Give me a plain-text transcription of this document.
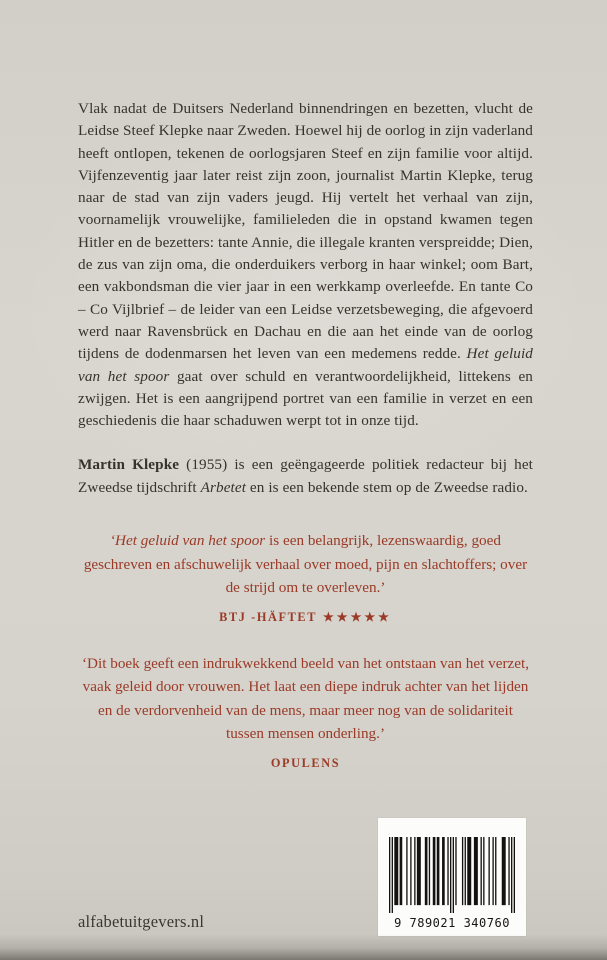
Vlak nadat de Duitsers Nederland binnendringen en bezetten, vlucht de Leidse Steef Klepke naar Zweden. Hoewel hij de oorlog in zijn vaderland heeft ontlopen, tekenen de oorlogsjaren Steef en zijn familie voor altijd. Vijfenzeventig jaar later reist zijn zoon, journalist Martin Klepke, terug naar de stad van zijn vaders jeugd. Hij vertelt het verhaal van zijn, voornamelijk vrouwelijke, familieleden die in opstand kwamen tegen Hitler en de bezetters: tante Annie, die illegale kranten verspreidde; Dien, de zus van zijn oma, die onderduikers verborg in haar winkel; oom Bart, een vakbondsman die vier jaar in een werkkamp overleefde. En tante Co – Co Vijlbrief – de leider van een Leidse verzetsbeweging, die afgevoerd werd naar Ravensbrück en Dachau en die aan het einde van de oorlog tijdens de dodenmarsen het leven van een medemens redde. Het geluid van het spoor gaat over schuld en verantwoordelijkheid, littekens en zwijgen. Het is een aangrijpend portret van een familie in verzet en een geschiedenis die haar schaduwen werpt tot in onze tijd.

Martin Klepke (1955) is een geëngageerde politiek redacteur bij het Zweedse tijdschrift Arbetet en is een bekende stem op de Zweedse radio.

‘Het geluid van het spoor is een belangrijk, lezenswaardig, goed geschreven en afschuwelijk verhaal over moed, pijn en slachtoffers; over de strijd om te overleven.’

BTJ -HÄFTET ★★★★★

‘Dit boek geeft een indrukwekkend beeld van het ontstaan van het verzet, vaak geleid door vrouwen. Het laat een diepe indruk achter van het lijden en de verdorvenheid van de mens, maar meer nog van de solidariteit tussen mensen onderling.’

OPULENS

alfabetuitgevers.nl	9 789021 340760
